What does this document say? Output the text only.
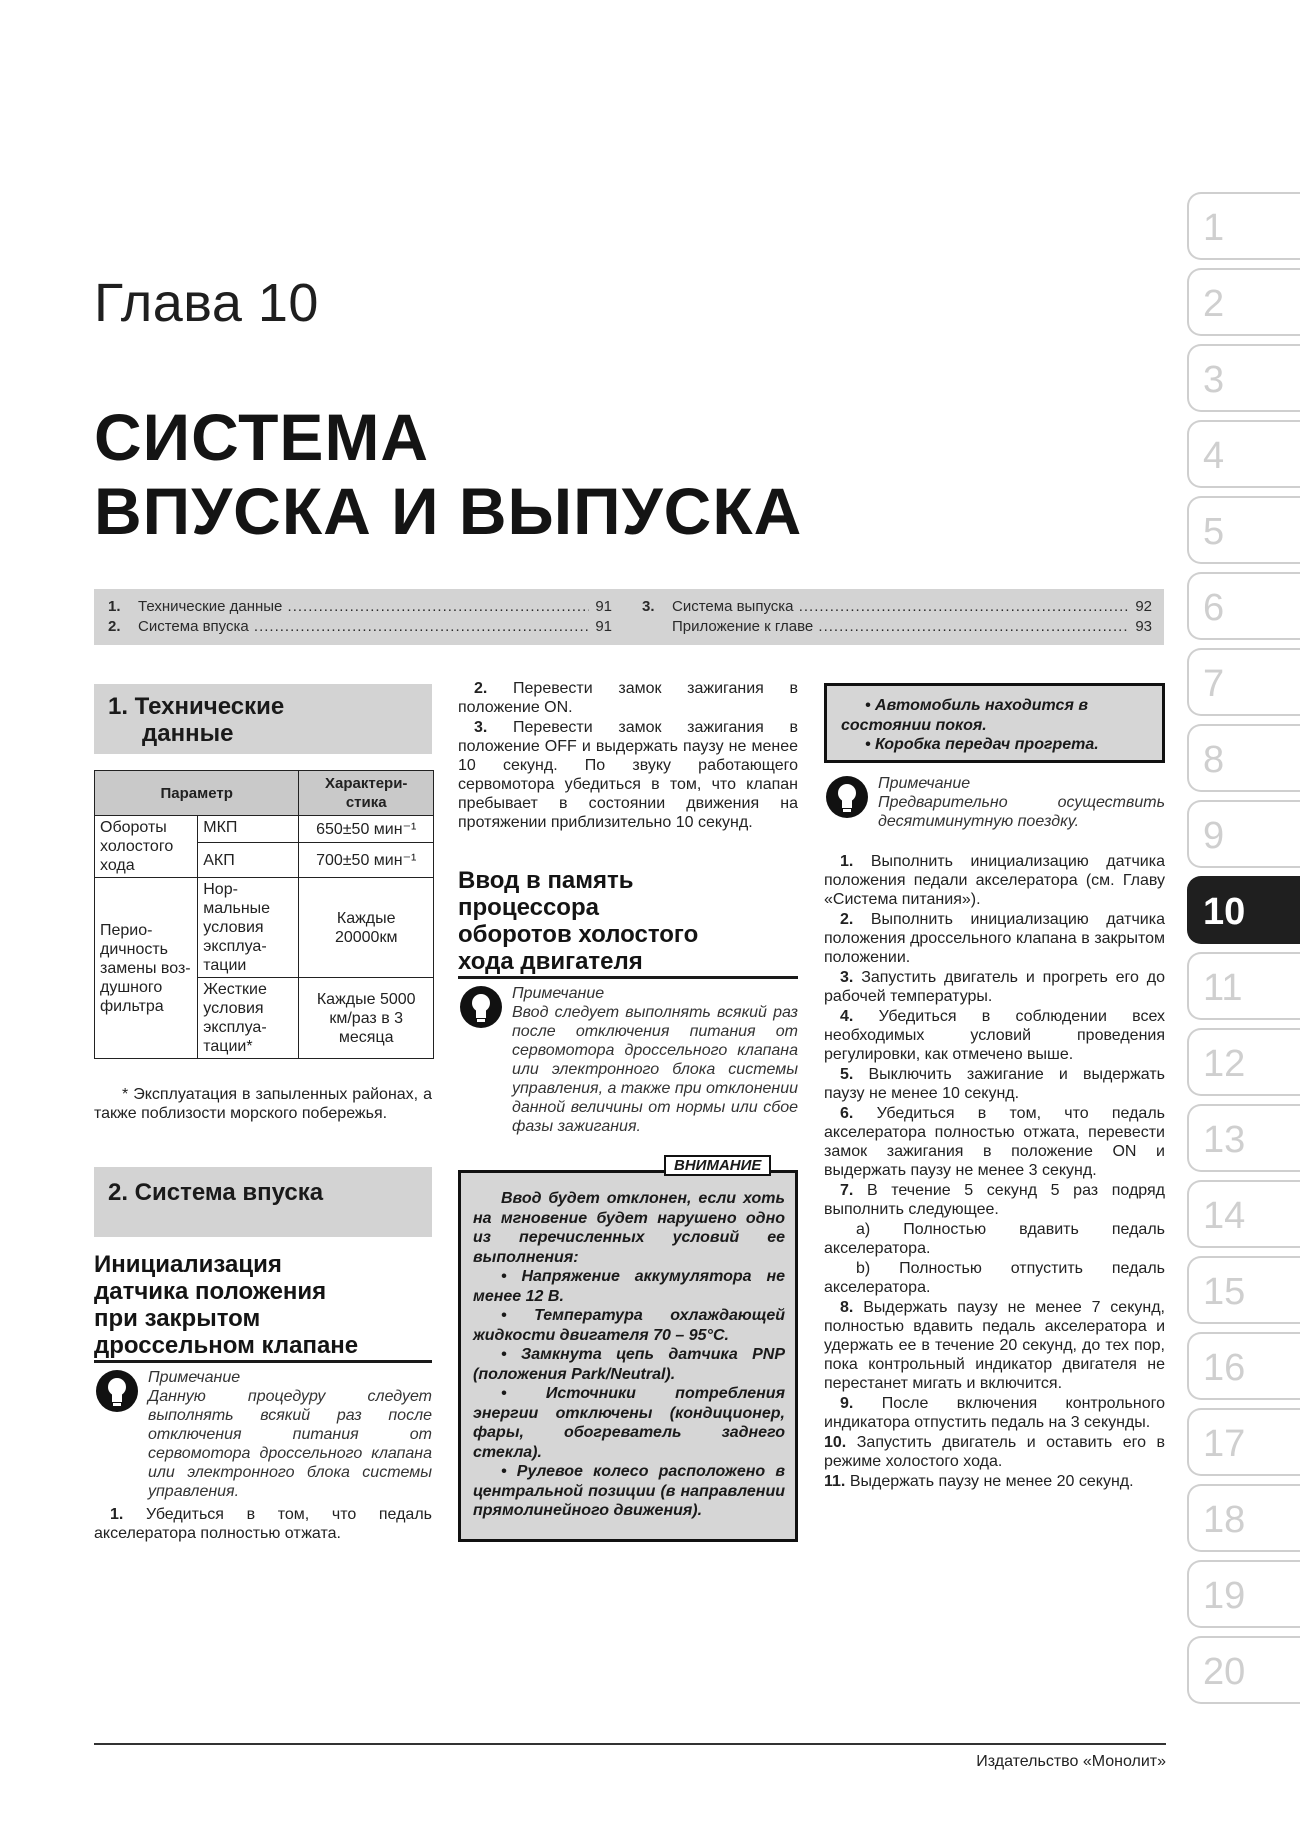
Глава 10
СИСТЕМА
ВПУСКА И ВЫПУСКА
1.	Технические данные .....	91
2.	Система впуска .....	91
3.	Система выпуска .....	92
Приложение к главе .....	93
1. Технические
данные
Параметр		Характери-
стика

Обороты холостого хода	МКП	650±50 мин⁻¹
	АКП	700±50 мин⁻¹
Перио-дичность замены воз-душного фильтра	Нор-мальные условия эксплуа-тации	Каждые 20000км
	Жесткие условия эксплуа-тации*	Каждые 5000 км/раз в 3 месяца
* Эксплуатация в запыленных районах, а также поблизости морского побережья.
2. Система впуска
Инициализация
датчика положения
при закрытом
дроссельном клапане
Примечание
Данную процедуру следует выполнять всякий раз после отключения питания от сервомотора дроссельного клапана или электронного блока системы управления.
1. Убедиться в том, что педаль акселератора полностью отжата.
2. Перевести замок зажигания в положение ON.
3. Перевести замок зажигания в положение OFF и выдержать паузу не менее 10 секунд. По звуку работающего сервомотора убедиться в том, что клапан пребывает в состоянии движения на протяжении приблизительно 10 секунд.
Ввод в память
процессора
оборотов холостого
хода двигателя
Примечание
Ввод следует выполнять всякий раз после отключения питания от сервомотора дроссельного клапана или электронного блока системы управления, а также при отклонении данной величины от нормы или сбое фазы зажигания.
Ввод будет отклонен, если хоть на мгновение будет нарушено одно из перечисленных условий ее выполнения:
• Напряжение аккумулятора не менее 12 В.
• Температура охлаждающей жидкости двигателя 70 – 95°С.
• Замкнута цепь датчика PNP (положения Park/Neutral).
• Источники потребления энергии отключены (кондиционер, фары, обогреватель заднего стекла).
• Рулевое колесо расположено в центральной позиции (в направлении прямолинейного движения).
ВНИМАНИЕ
• Автомобиль находится в состоянии покоя.
• Коробка передач прогрета.
Примечание
Предварительно осуществить десятиминутную поездку.
1. Выполнить инициализацию датчика положения педали акселератора (см. Главу «Система питания»).
2. Выполнить инициализацию датчика положения дроссельного клапана в закрытом положении.
3. Запустить двигатель и прогреть его до рабочей температуры.
4. Убедиться в соблюдении всех необходимых условий проведения регулировки, как отмечено выше.
5. Выключить зажигание и выдержать паузу не менее 10 секунд.
6. Убедиться в том, что педаль акселератора полностью отжата, перевести замок зажигания в положение ON и выдержать паузу не менее 3 секунд.
7. В течение 5 секунд 5 раз подряд выполнить следующее.
a) Полностью вдавить педаль акселератора.
b) Полностью отпустить педаль акселератора.
8. Выдержать паузу не менее 7 секунд, полностью вдавить педаль акселератора и удержать ее в течение 20 секунд, до тех пор, пока контрольный индикатор двигателя не перестанет мигать и включится.
9. После включения контрольного индикатора отпустить педаль на 3 секунды.
10. Запустить двигатель и оставить его в режиме холостого хода.
11. Выдержать паузу не менее 20 секунд.
1
2
3
4
5
6
7
8
9
10
11
12
13
14
15
16
17
18
19
20
Издательство «Монолит»
